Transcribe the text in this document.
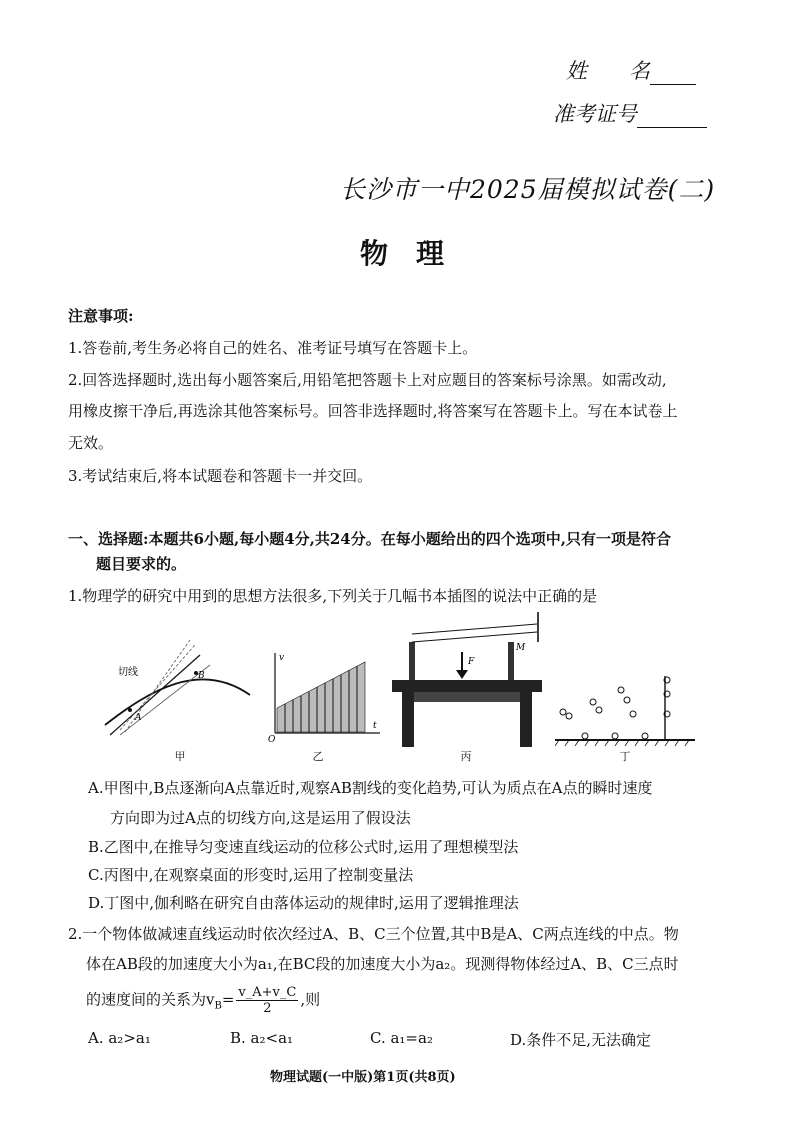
姓　　名
准考证号
长沙市一中2025届模拟试卷(二)
物理
注意事项:
1.答卷前,考生务必将自己的姓名、准考证号填写在答题卡上。
2.回答选择题时,选出每小题答案后,用铅笔把答题卡上对应题目的答案标号涂黑。如需改动,
用橡皮擦干净后,再选涂其他答案标号。回答非选择题时,将答案写在答题卡上。写在本试卷上
无效。
3.考试结束后,将本试题卷和答题卡一并交回。
一、选择题:本题共6小题,每小题4分,共24分。在每小题给出的四个选项中,只有一项是符合
题目要求的。
1.物理学的研究中用到的思想方法很多,下列关于几幅书本插图的说法中正确的是
A
B
切线
甲
v
t
O
乙
F
M
丙	丁
A.甲图中,B点逐渐向A点靠近时,观察AB割线的变化趋势,可认为质点在A点的瞬时速度
方向即为过A点的切线方向,这是运用了假设法
B.乙图中,在推导匀变速直线运动的位移公式时,运用了理想模型法
C.丙图中,在观察桌面的形变时,运用了控制变量法
D.丁图中,伽利略在研究自由落体运动的规律时,运用了逻辑推理法
2.一个物体做减速直线运动时依次经过A、B、C三个位置,其中B是A、C两点连线的中点。物
体在AB段的加速度大小为a₁,在BC段的加速度大小为a₂。现测得物体经过A、B、C三点时
的速度间的关系为$v_B= \frac{v\_A+v\_C}{2}$ ,则
A. a₂>a₁	B. a₂<a₁	C. a₁=a₂	D.条件不足,无法确定
物理试题(一中版)第1页(共8页)
